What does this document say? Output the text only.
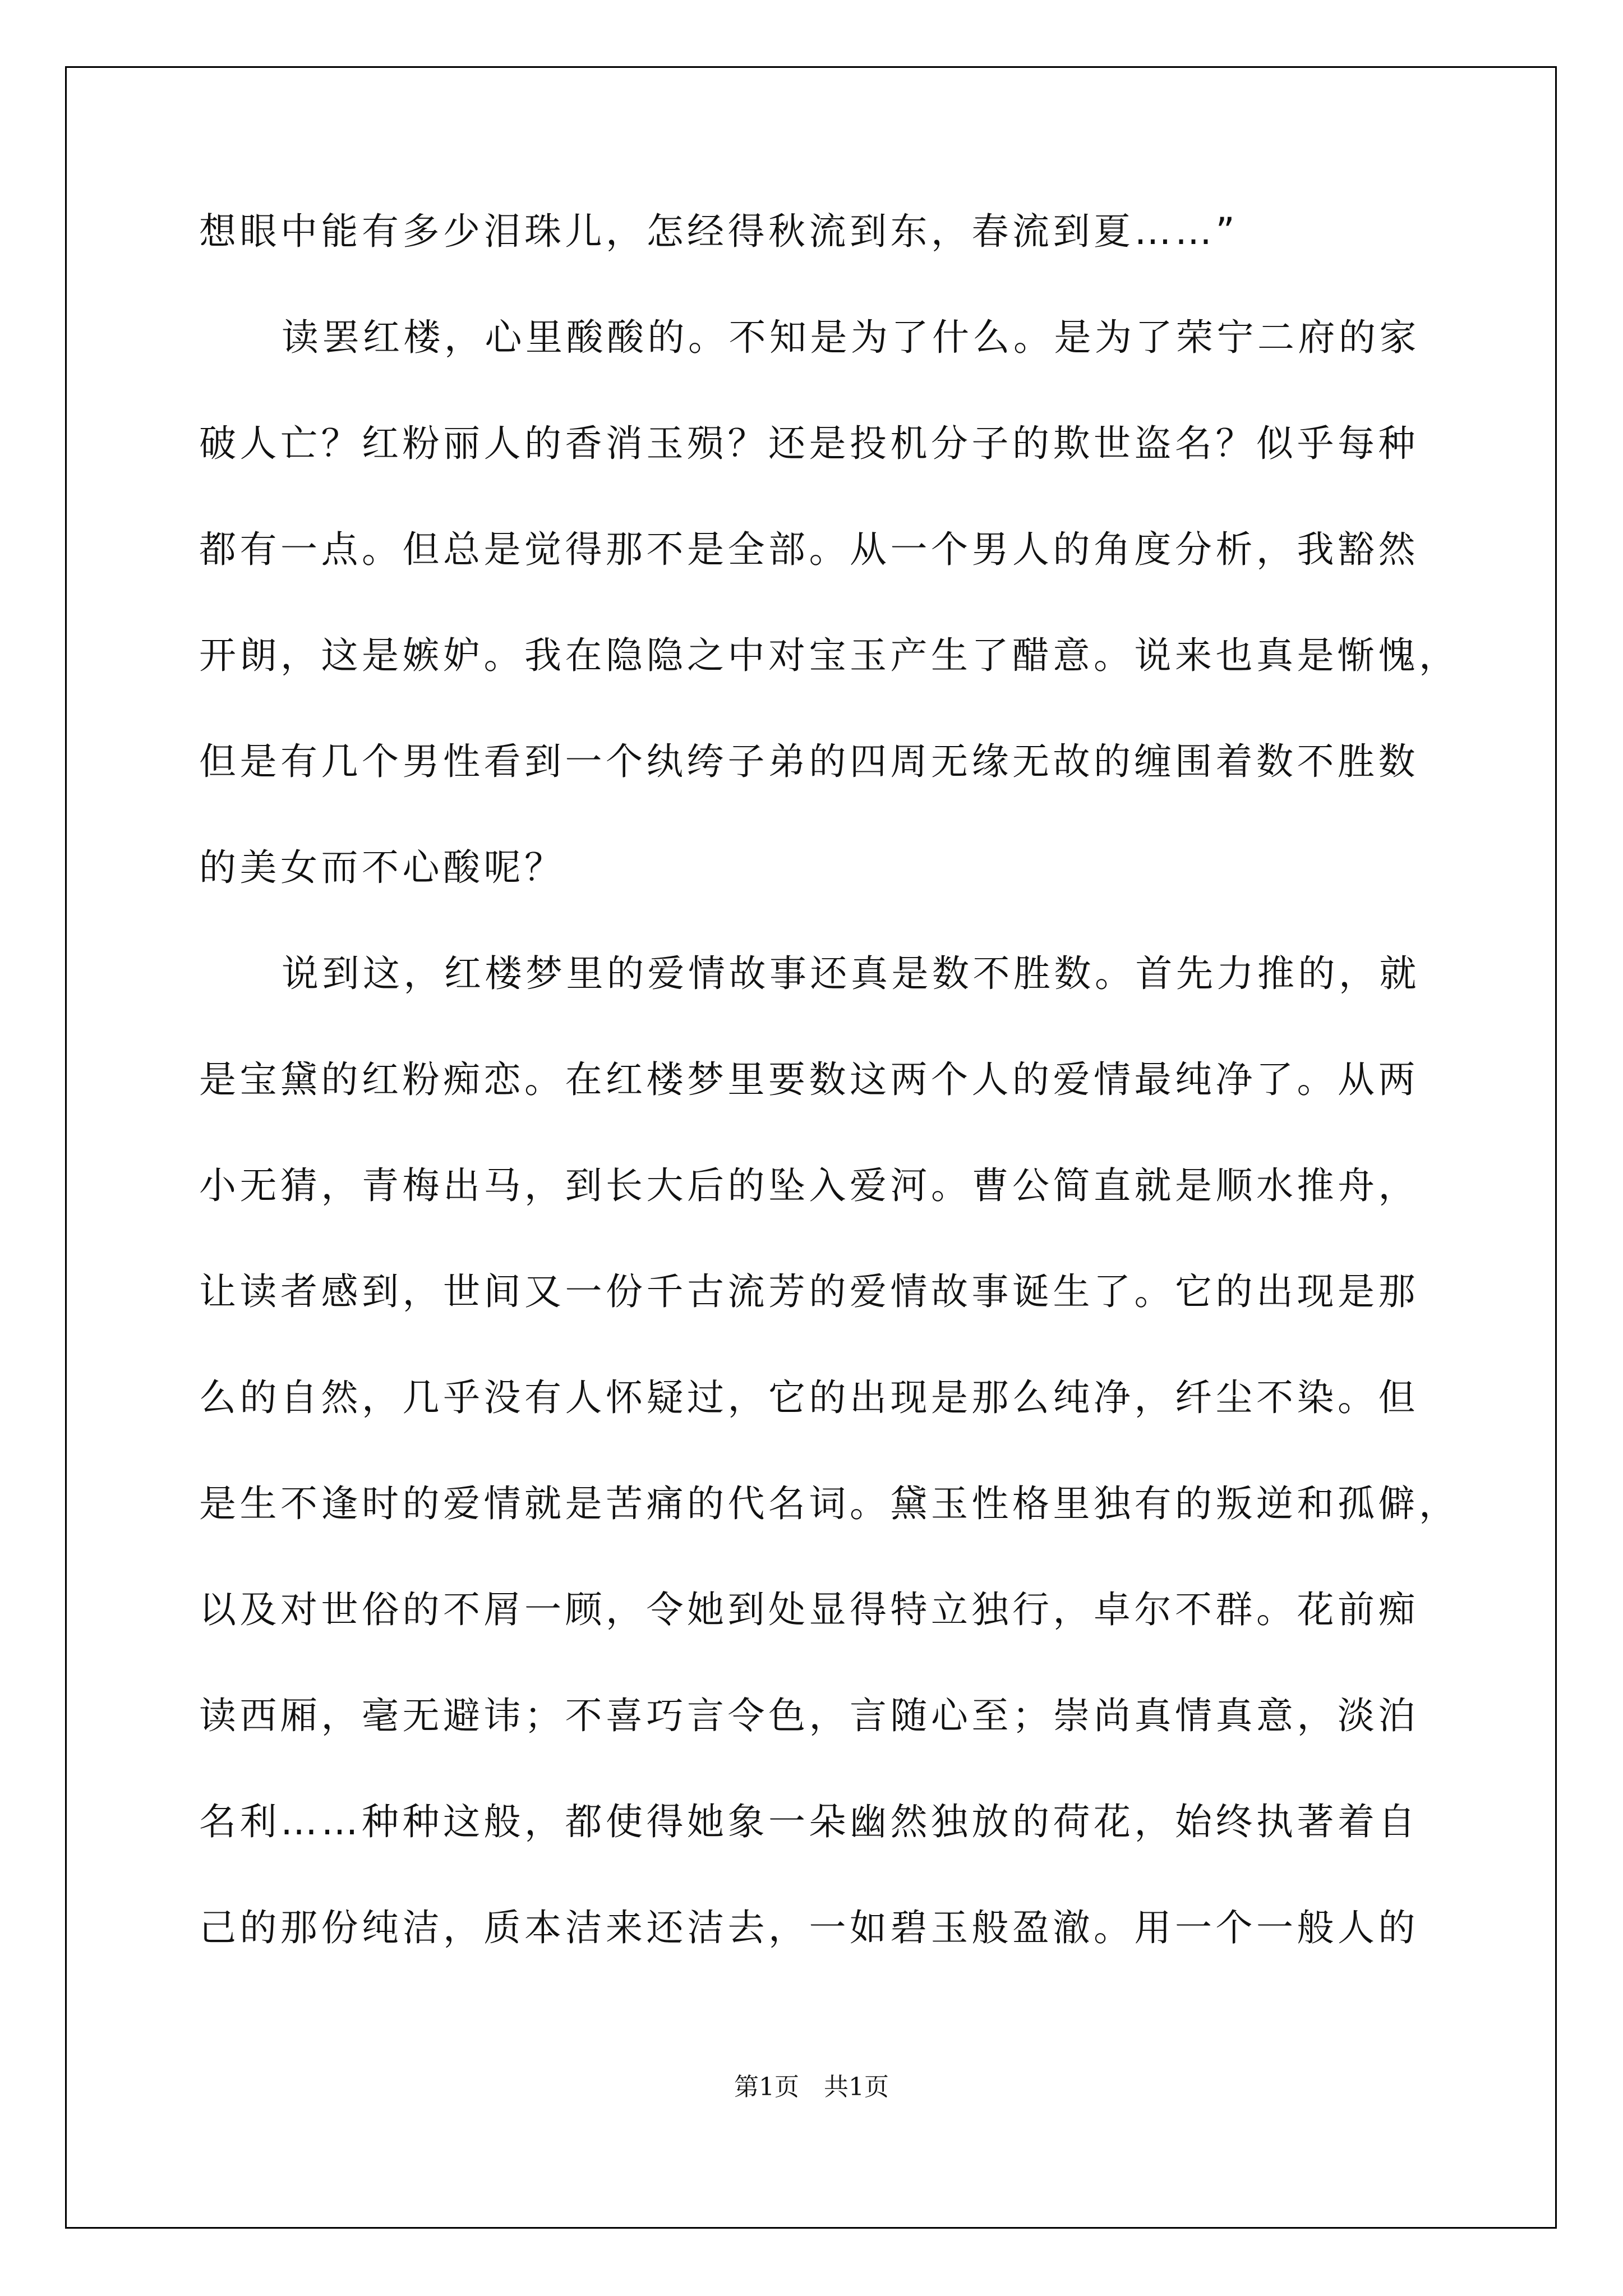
想眼中能有多少泪珠儿，怎经得秋流到东，春流到夏……”
读罢红楼，心里酸酸的。不知是为了什么。是为了荣宁二府的家
破人亡？红粉丽人的香消玉殒？还是投机分子的欺世盗名？似乎每种
都有一点。但总是觉得那不是全部。从一个男人的角度分析，我豁然
开朗，这是嫉妒。我在隐隐之中对宝玉产生了醋意。说来也真是惭愧，
但是有几个男性看到一个纨绔子弟的四周无缘无故的缠围着数不胜数
的美女而不心酸呢？
说到这，红楼梦里的爱情故事还真是数不胜数。首先力推的，就
是宝黛的红粉痴恋。在红楼梦里要数这两个人的爱情最纯净了。从两
小无猜，青梅出马，到长大后的坠入爱河。曹公简直就是顺水推舟，
让读者感到，世间又一份千古流芳的爱情故事诞生了。它的出现是那
么的自然，几乎没有人怀疑过，它的出现是那么纯净，纤尘不染。但
是生不逢时的爱情就是苦痛的代名词。黛玉性格里独有的叛逆和孤僻，
以及对世俗的不屑一顾，令她到处显得特立独行，卓尔不群。花前痴
读西厢，毫无避讳；不喜巧言令色，言随心至；崇尚真情真意，淡泊
名利……种种这般，都使得她象一朵幽然独放的荷花，始终执著着自
己的那份纯洁，质本洁来还洁去，一如碧玉般盈澈。用一个一般人的
第1页　共1页
